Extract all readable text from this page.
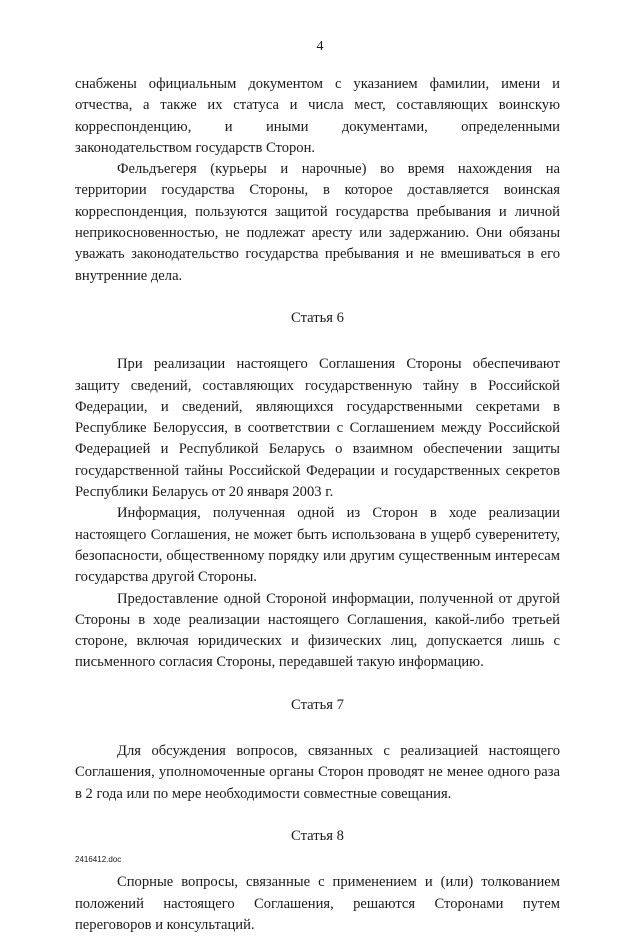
4

снабжены официальным документом с указанием фамилии, имени и отчества, а также их статуса и числа мест, составляющих воинскую корреспонденцию, и иными документами, определенными законодательством государств Сторон.

Фельдъегеря (курьеры и нарочные) во время нахождения на территории государства Стороны, в которое доставляется воинская корреспонденция, пользуются защитой государства пребывания и личной неприкосновенностью, не подлежат аресту или задержанию. Они обязаны уважать законодательство государства пребывания и не вмешиваться в его внутренние дела.

Статья 6

При реализации настоящего Соглашения Стороны обеспечивают защиту сведений, составляющих государственную тайну в Российской Федерации, и сведений, являющихся государственными секретами в Республике Белоруссия, в соответствии с Соглашением между Российской Федерацией и Республикой Беларусь о взаимном обеспечении защиты государственной тайны Российской Федерации и государственных секретов Республики Беларусь от 20 января 2003 г.

Информация, полученная одной из Сторон в ходе реализации настоящего Соглашения, не может быть использована в ущерб суверенитету, безопасности, общественному порядку или другим существенным интересам государства другой Стороны.

Предоставление одной Стороной информации, полученной от другой Стороны в ходе реализации настоящего Соглашения, какой-либо третьей стороне, включая юридических и физических лиц, допускается лишь с письменного согласия Стороны, передавшей такую информацию.

Статья 7

Для обсуждения вопросов, связанных с реализацией настоящего Соглашения, уполномоченные органы Сторон проводят не менее одного раза в 2 года или по мере необходимости совместные совещания.

Статья 8

Спорные вопросы, связанные с применением и (или) толкованием положений настоящего Соглашения, решаются Сторонами путем переговоров и консультаций.

2416412.doc
